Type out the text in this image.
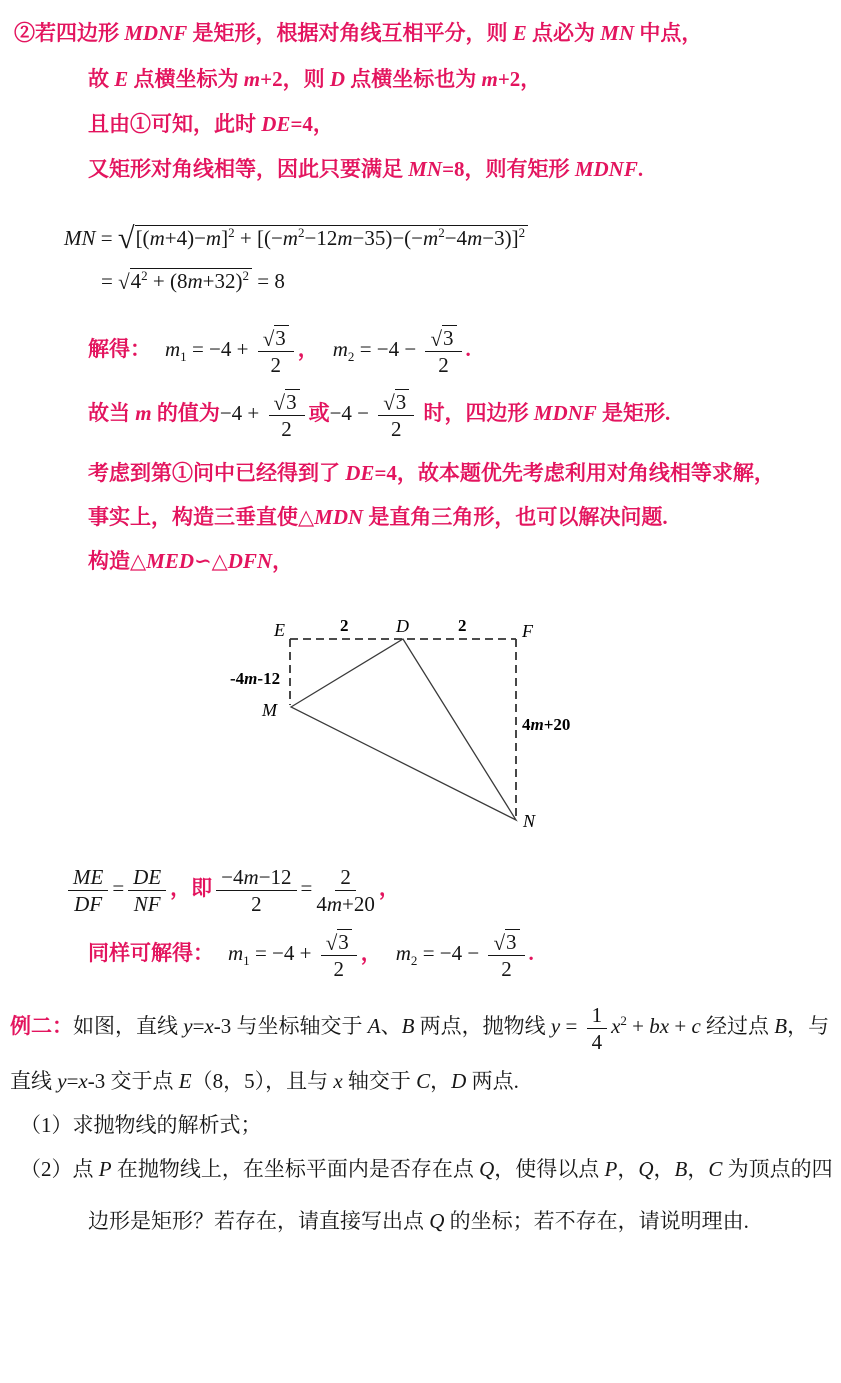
②若四边形 MDNF 是矩形，根据对角线互相平分，则 E 点必为 MN 中点，
故 E 点横坐标为 m+2，则 D 点横坐标也为 m+2，
且由①可知，此时 DE=4，
又矩形对角线相等，因此只要满足 MN=8，则有矩形 MDNF.
MN = $√[(m+4)-m]^2 + [(-m^2-12m-35)-(-m^2-4m-3)]^2$
= $√4^2 + (8m+32)^2 = 8$
解得： $m_1 = -4 + \frac{√3}{2}$ ， $m_2 = -4 - \frac{√3}{2}$ .
故当 m 的值为$-4 + \frac{√3}{2}$ 或$-4 - \frac{√3}{2}$ 时，四边形 MDNF 是矩形.
考虑到第①问中已经得到了 DE=4，故本题优先考虑利用对角线相等求解，
事实上，构造三垂直使△MDN 是直角三角形，也可以解决问题.
构造△MED∽△DFN，
E	D	F
M
N
2	2
-4m-12
4m+20
$\frac{ME}{DF} = \frac{DE}{NF}$ ，即 $\frac{-4m-12}{2} = \frac{2}{4m+20}$ ，
同样可解得： $m_1 = -4 + \frac{√3}{2}$ ， $m_2 = -4 - \frac{√3}{2}$ .
例二：如图，直线 y=x-3 与坐标轴交于 A、B 两点，抛物线 $y = \frac{1}{4} x^2$ + bx + c 经过点 B，与
直线 y=x-3 交于点 E（8，5），且与 x 轴交于 C，D 两点.
（1）求抛物线的解析式；
（2）点 P 在抛物线上，在坐标平面内是否存在点 Q，使得以点 P，Q，B，C 为顶点的四
边形是矩形？若存在，请直接写出点 Q 的坐标；若不存在，请说明理由.
